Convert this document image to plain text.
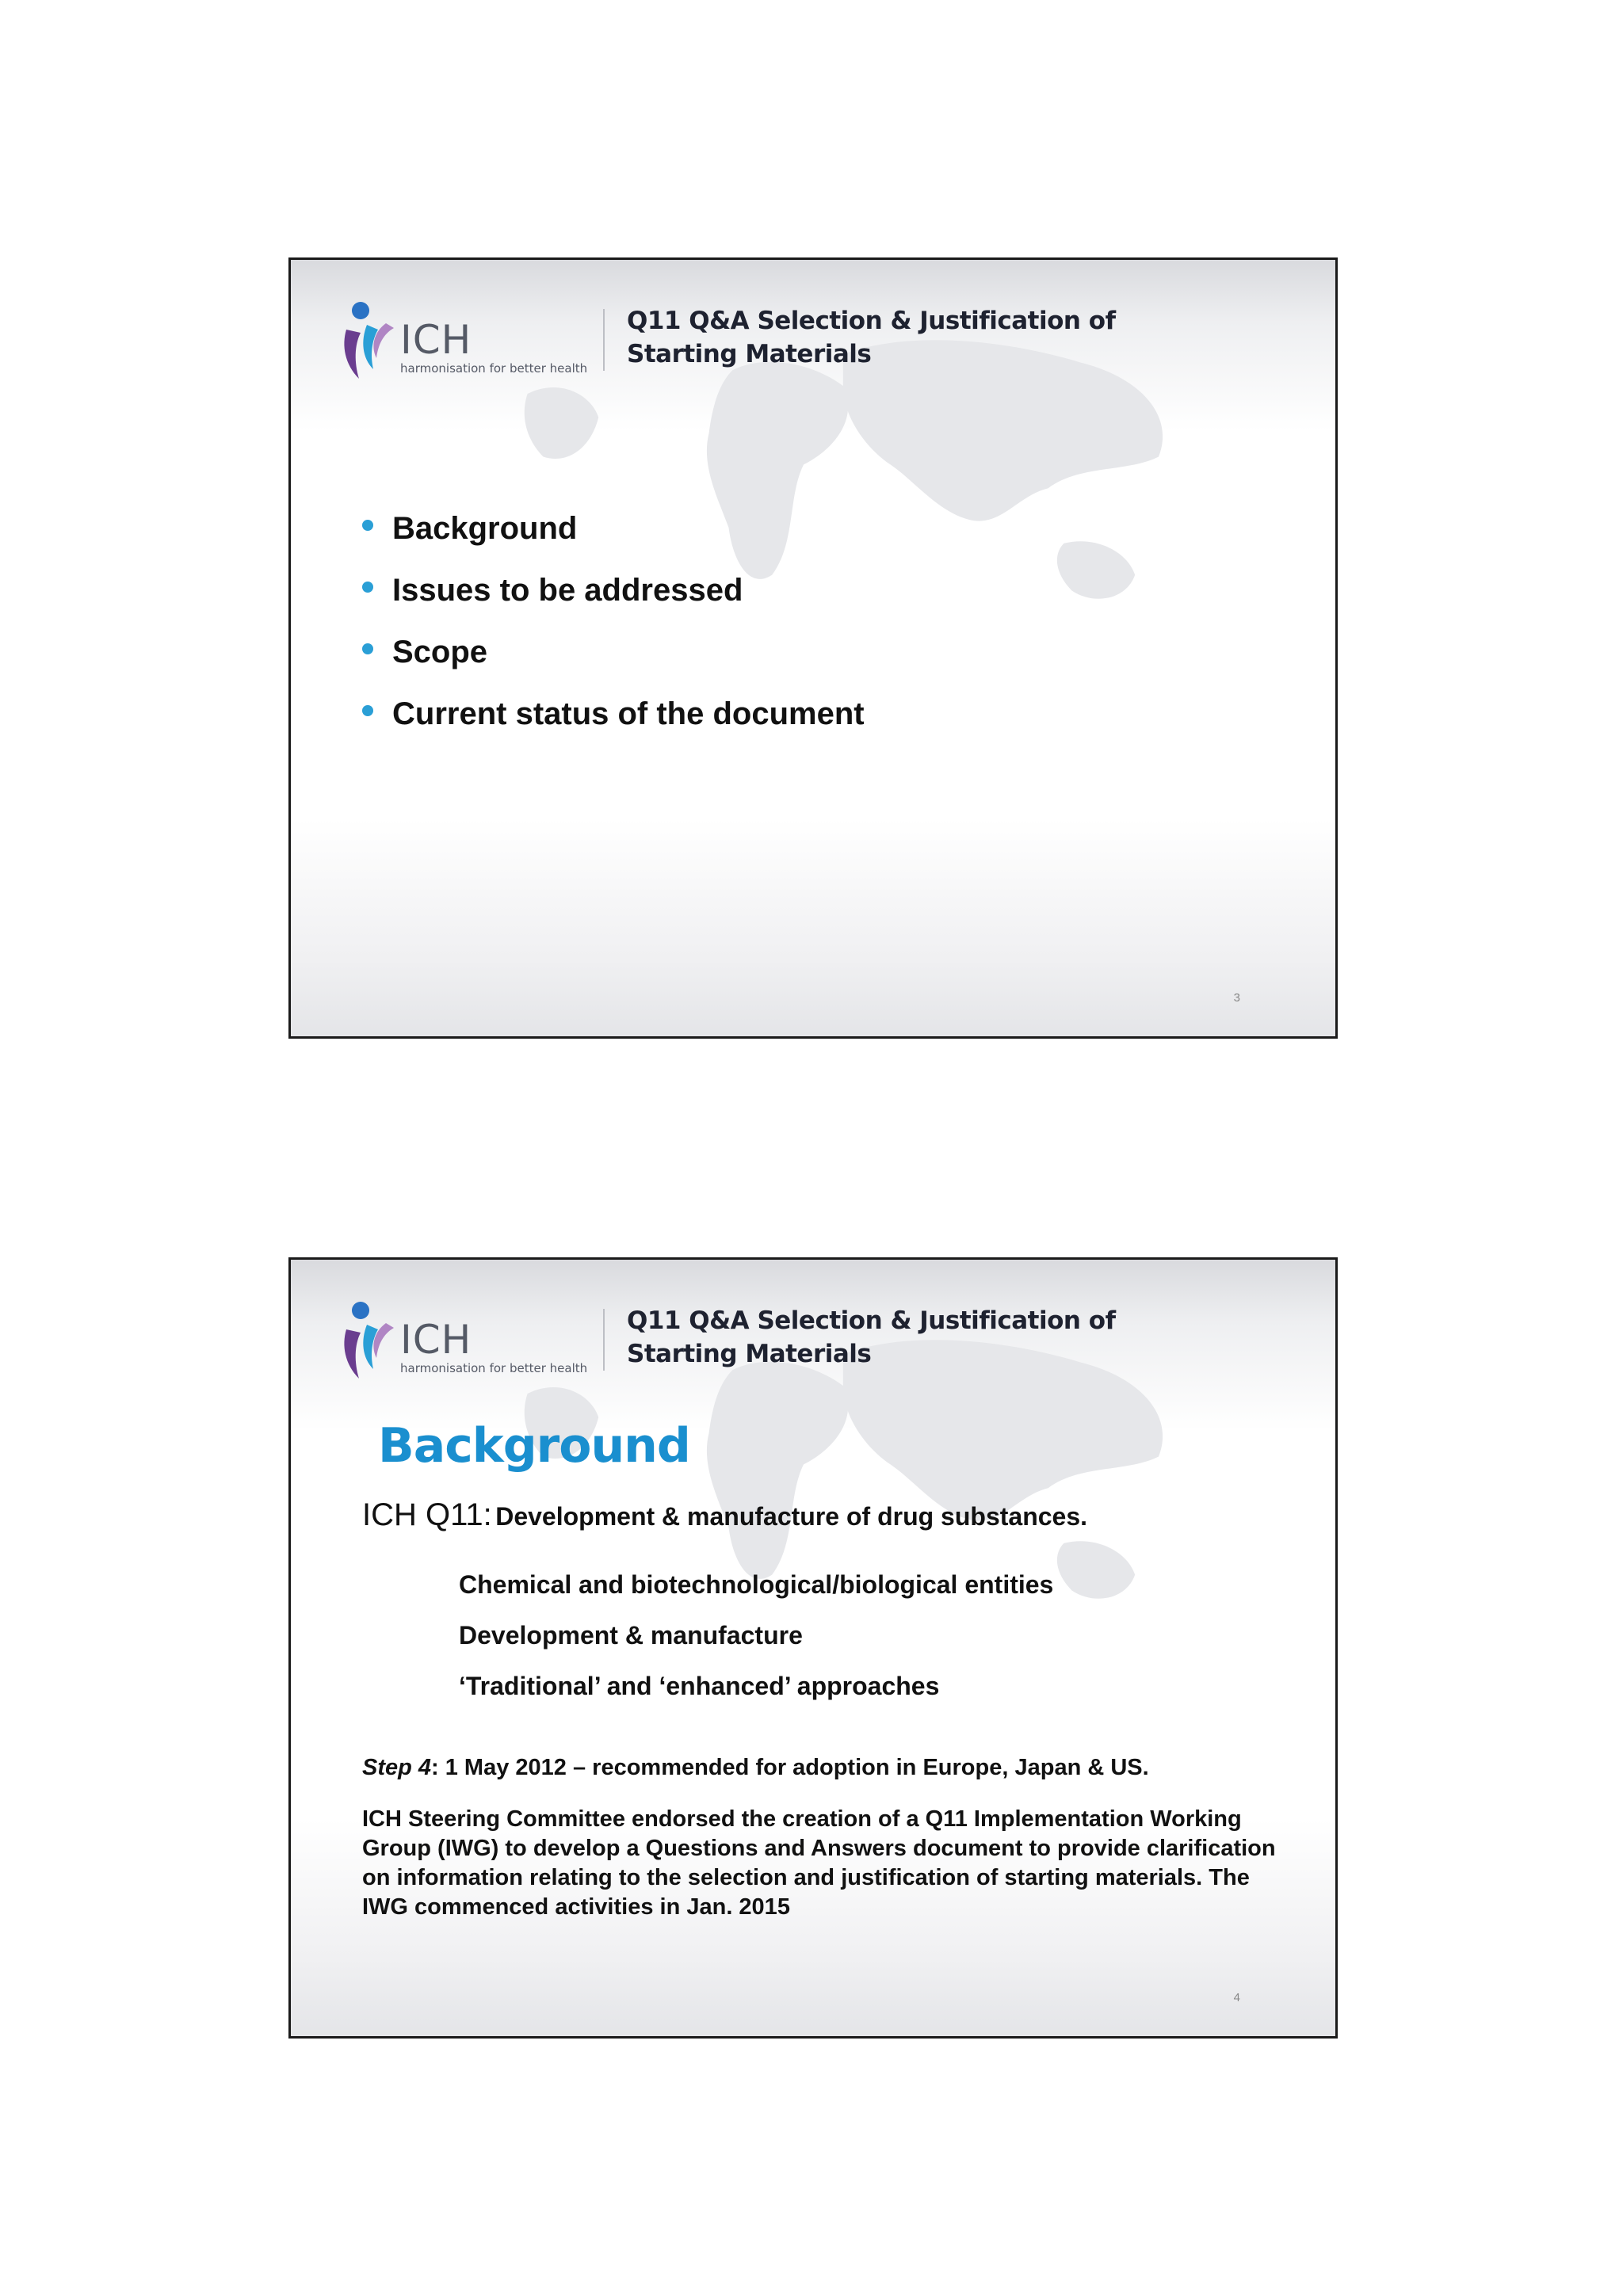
ICH
harmonisation for better health
Q11 Q&A Selection & Justification of
Starting Materials
Background
Issues to be addressed
Scope
Current status of the document
3
ICH
harmonisation for better health
Q11 Q&A Selection & Justification of
Starting Materials
Background
ICH Q11: Development & manufacture of drug substances.
Chemical and biotechnological/biological entities
Development & manufacture
‘Traditional’ and ‘enhanced’ approaches
Step 4: 1 May 2012 – recommended for adoption in Europe, Japan & US.
ICH Steering Committee endorsed the creation of a Q11 Implementation Working Group (IWG) to develop a Questions and Answers document to provide clarification on information relating to the selection and justification of starting materials. The IWG commenced activities in Jan. 2015
4
